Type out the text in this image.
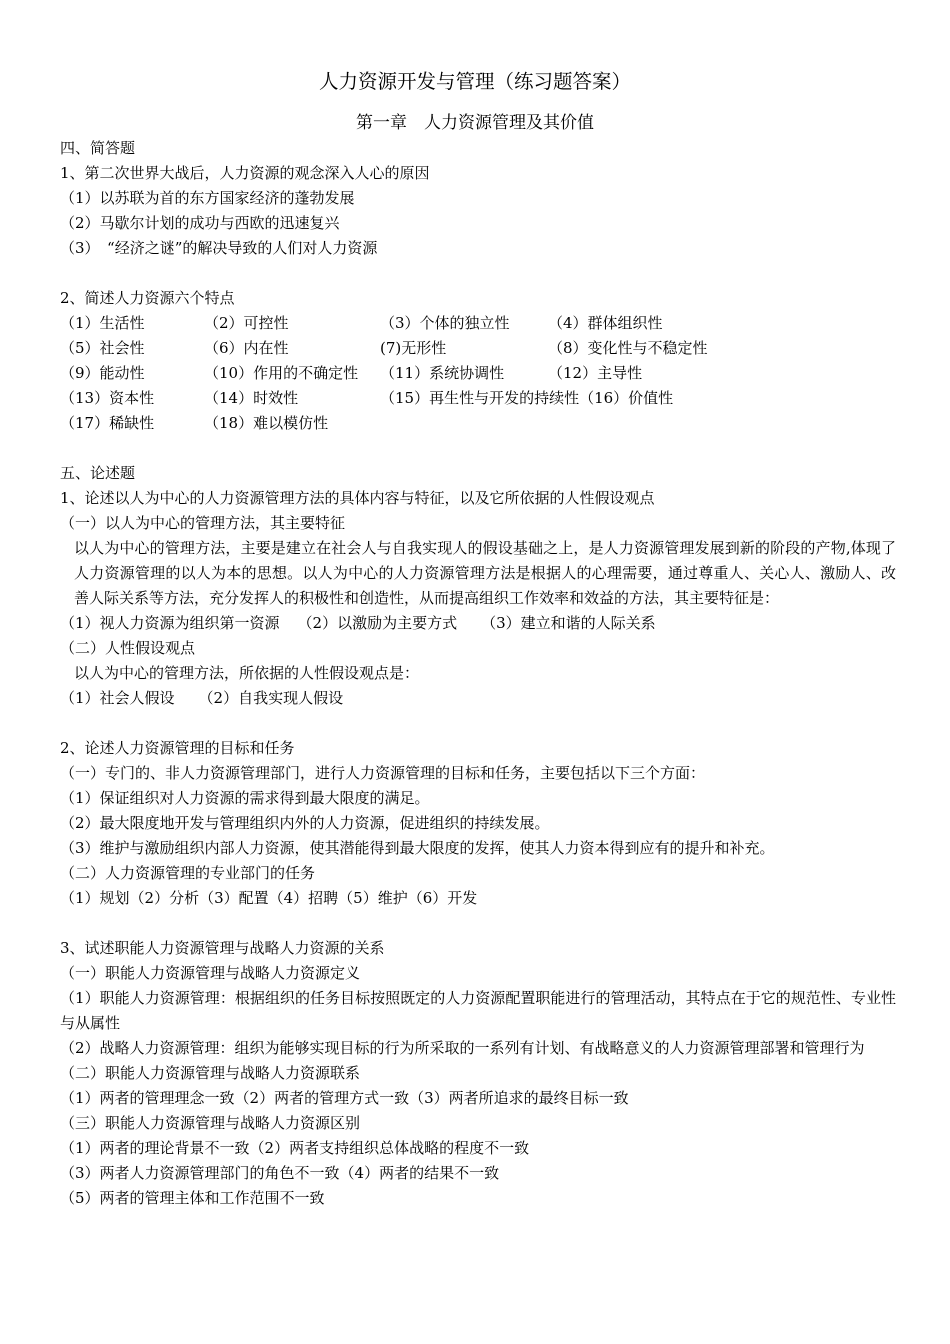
人力资源开发与管理（练习题答案）
第一章　人力资源管理及其价值
四、简答题
1、第二次世界大战后，人力资源的观念深入人心的原因
（1）以苏联为首的东方国家经济的蓬勃发展
（2）马歇尔计划的成功与西欧的迅速复兴
（3）　“经济之谜”的解决导致的人们对人力资源
2、简述人力资源六个特点
（1）生活性	（2）可控性	（3）个体的独立性	（4）群体组织性
（5）社会性	（6）内在性	(7)无形性	（8）变化性与不稳定性
（9）能动性	（10）作用的不确定性	（11）系统协调性	（12）主导性
（13）资本性	（14）时效性	（15）再生性与开发的持续性（16）价值性
（17）稀缺性	（18）难以模仿性
五、论述题
1、论述以人为中心的人力资源管理方法的具体内容与特征，以及它所依据的人性假设观点
（一）以人为中心的管理方法，其主要特征
以人为中心的管理方法，主要是建立在社会人与自我实现人的假设基础之上，是人力资源管理发展到新的阶段的产物,体现了人力资源管理的以人为本的思想。以人为中心的人力资源管理方法是根据人的心理需要，通过尊重人、关心人、激励人、改善人际关系等方法，充分发挥人的积极性和创造性，从而提高组织工作效率和效益的方法，其主要特征是：
（1）视人力资源为组织第一资源 （2）以激励为主要方式 （3）建立和谐的人际关系
（二）人性假设观点
以人为中心的管理方法，所依据的人性假设观点是：
（1）社会人假设 （2）自我实现人假设
2、论述人力资源管理的目标和任务
（一）专门的、非人力资源管理部门，进行人力资源管理的目标和任务，主要包括以下三个方面：
（1）保证组织对人力资源的需求得到最大限度的满足。
（2）最大限度地开发与管理组织内外的人力资源，促进组织的持续发展。
（3）维护与激励组织内部人力资源，使其潜能得到最大限度的发挥，使其人力资本得到应有的提升和补充。
（二）人力资源管理的专业部门的任务
（1）规划（2）分析（3）配置（4）招聘（5）维护（6）开发
3、试述职能人力资源管理与战略人力资源的关系
（一）职能人力资源管理与战略人力资源定义
（1）职能人力资源管理：根据组织的任务目标按照既定的人力资源配置职能进行的管理活动，其特点在于它的规范性、专业性与从属性
（2）战略人力资源管理：组织为能够实现目标的行为所采取的一系列有计划、有战略意义的人力资源管理部署和管理行为
（二）职能人力资源管理与战略人力资源联系
（1）两者的管理理念一致（2）两者的管理方式一致（3）两者所追求的最终目标一致
（三）职能人力资源管理与战略人力资源区别
（1）两者的理论背景不一致（2）两者支持组织总体战略的程度不一致
（3）两者人力资源管理部门的角色不一致（4）两者的结果不一致
（5）两者的管理主体和工作范围不一致
